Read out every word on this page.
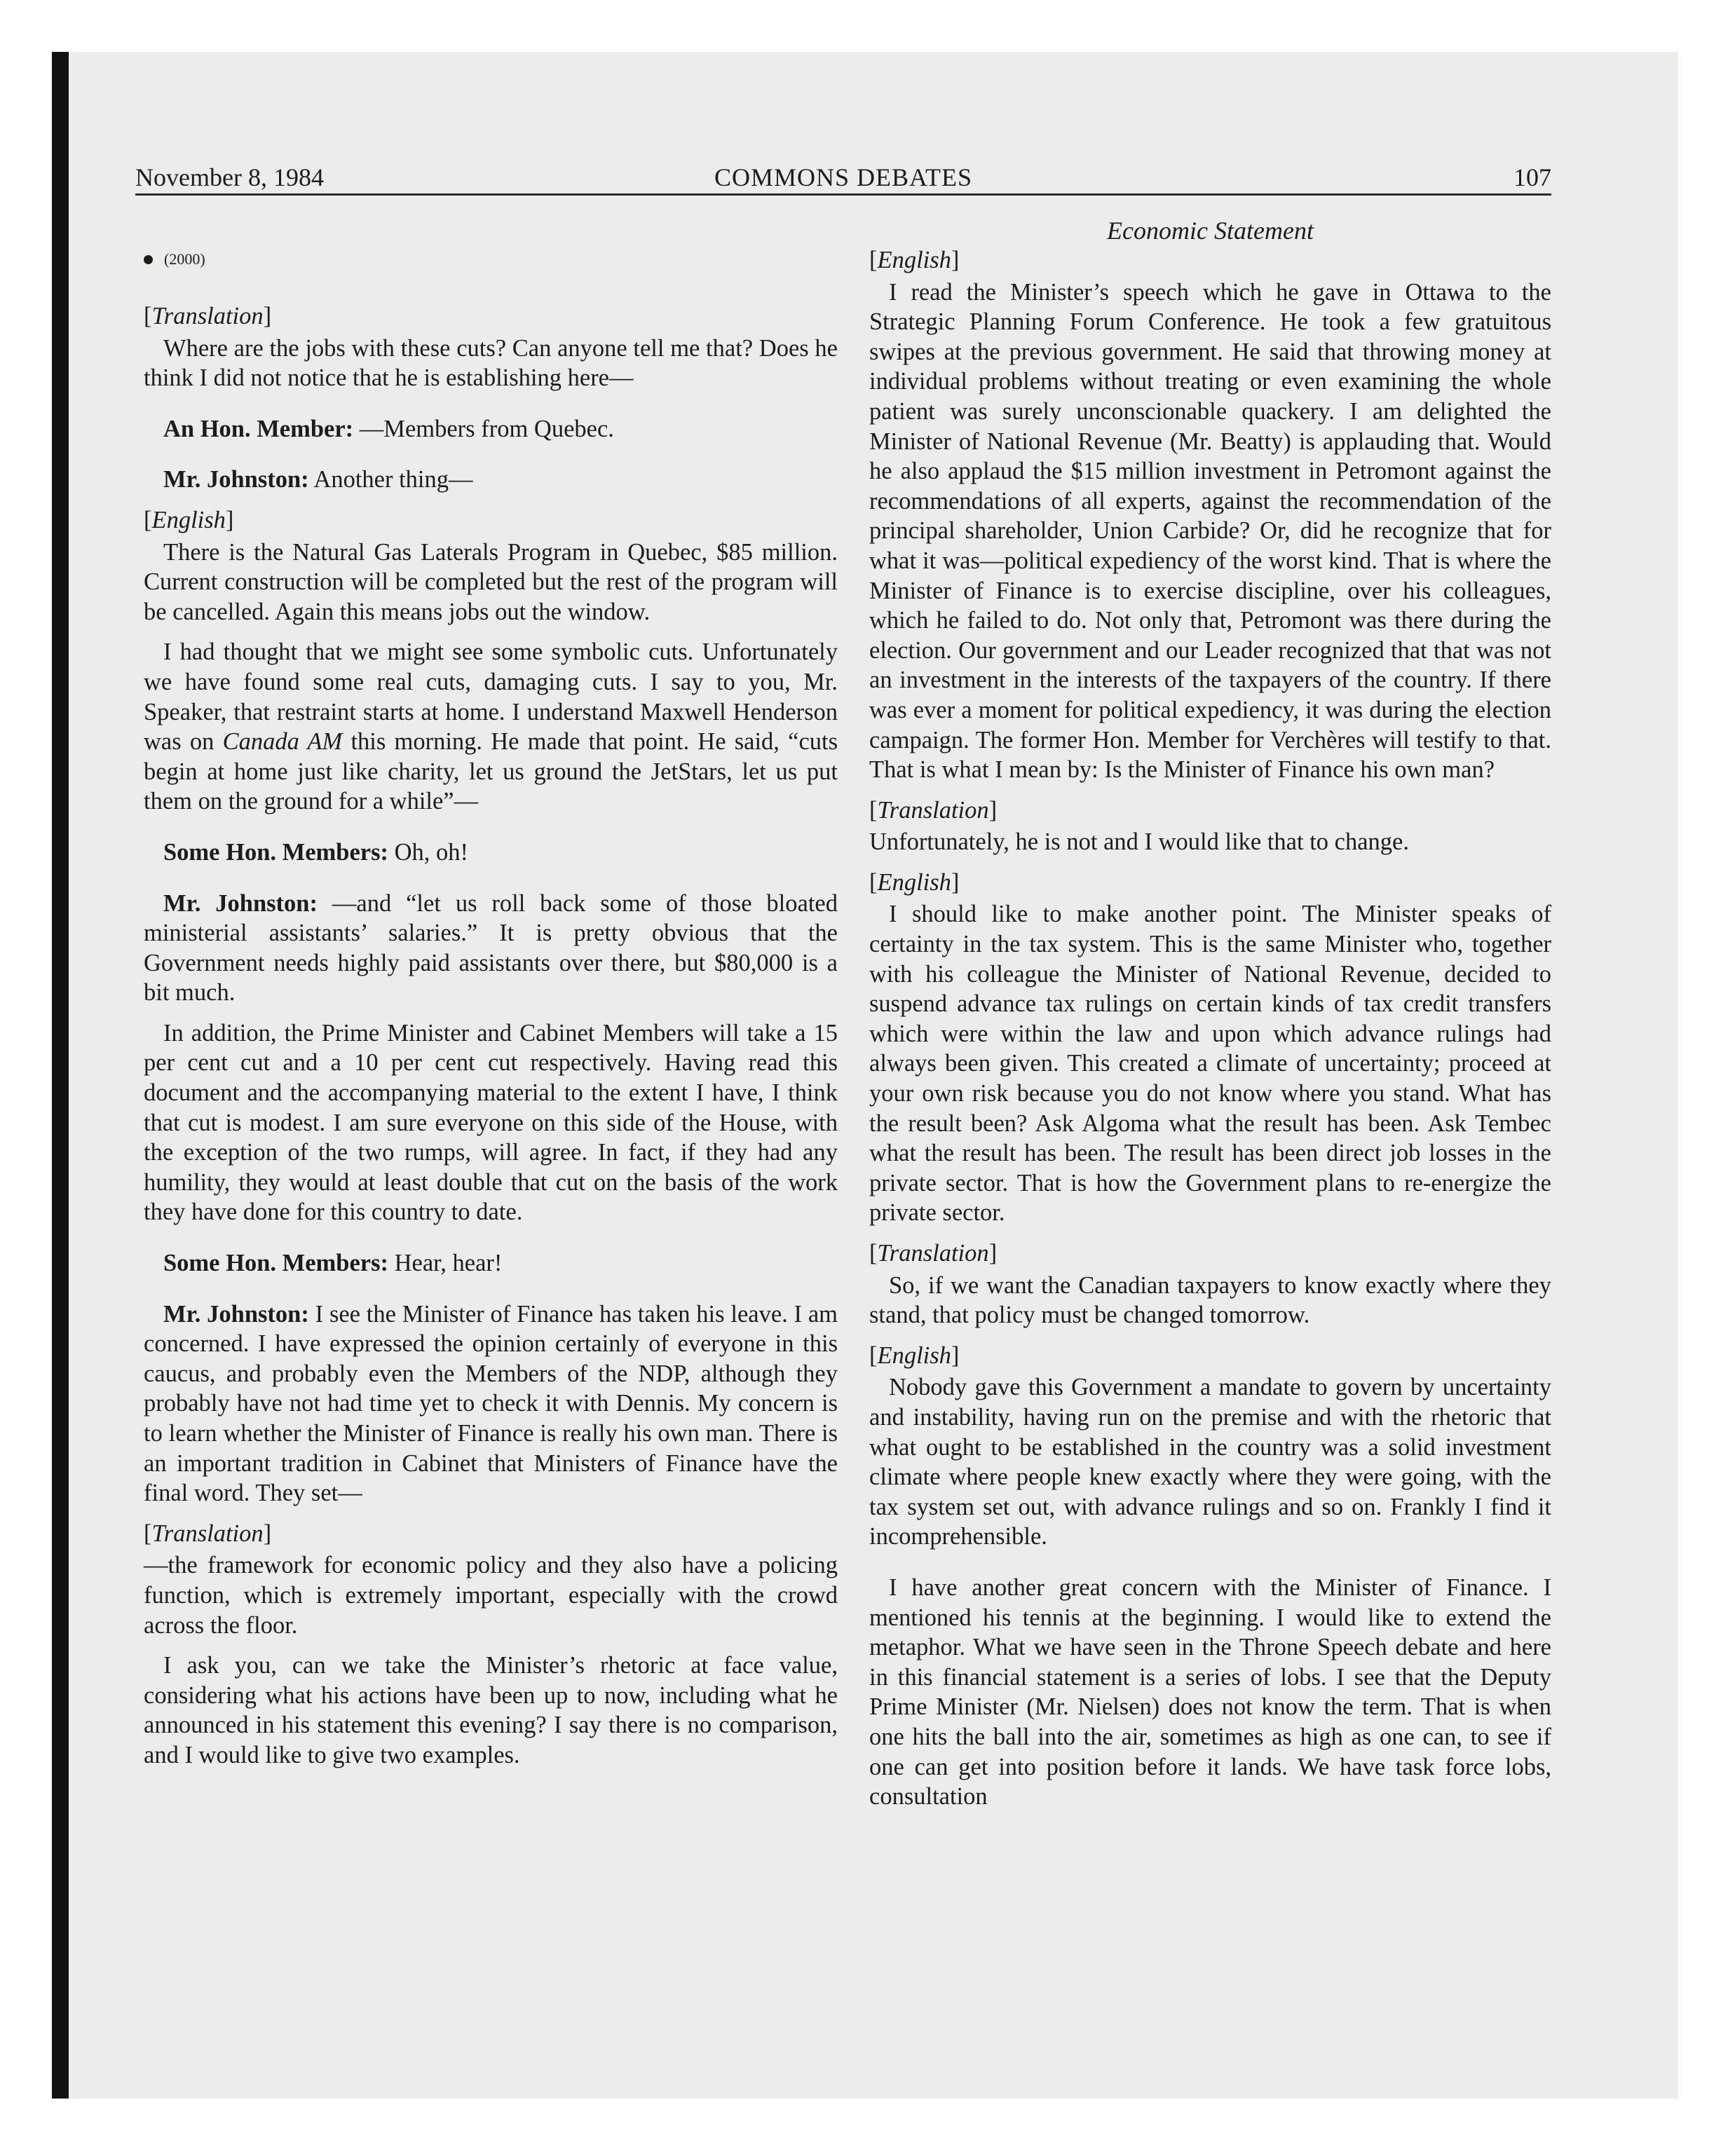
November 8, 1984	COMMONS DEBATES	107
Economic Statement
(2000)

[Translation]

Where are the jobs with these cuts? Can anyone tell me that? Does he think I did not notice that he is establishing here—

An Hon. Member: —Members from Quebec.

Mr. Johnston: Another thing—

[English]

There is the Natural Gas Laterals Program in Quebec, $85 million. Current construction will be completed but the rest of the program will be cancelled. Again this means jobs out the window.

I had thought that we might see some symbolic cuts. Unfortunately we have found some real cuts, damaging cuts. I say to you, Mr. Speaker, that restraint starts at home. I understand Maxwell Henderson was on Canada AM this morning. He made that point. He said, “cuts begin at home just like charity, let us ground the JetStars, let us put them on the ground for a while”—

Some Hon. Members: Oh, oh!

Mr. Johnston: —and “let us roll back some of those bloated ministerial assistants’ salaries.” It is pretty obvious that the Government needs highly paid assistants over there, but $80,000 is a bit much.

In addition, the Prime Minister and Cabinet Members will take a 15 per cent cut and a 10 per cent cut respectively. Having read this document and the accompanying material to the extent I have, I think that cut is modest. I am sure everyone on this side of the House, with the exception of the two rumps, will agree. In fact, if they had any humility, they would at least double that cut on the basis of the work they have done for this country to date.

Some Hon. Members: Hear, hear!

Mr. Johnston: I see the Minister of Finance has taken his leave. I am concerned. I have expressed the opinion certainly of everyone in this caucus, and probably even the Members of the NDP, although they probably have not had time yet to check it with Dennis. My concern is to learn whether the Minister of Finance is really his own man. There is an important tradition in Cabinet that Ministers of Finance have the final word. They set—

[Translation]

—the framework for economic policy and they also have a policing function, which is extremely important, especially with the crowd across the floor.

I ask you, can we take the Minister’s rhetoric at face value, considering what his actions have been up to now, including what he announced in his statement this evening? I say there is no comparison, and I would like to give two examples.

[English]

I read the Minister’s speech which he gave in Ottawa to the Strategic Planning Forum Conference. He took a few gratuitous swipes at the previous government. He said that throwing money at individual problems without treating or even examining the whole patient was surely unconscionable quackery. I am delighted the Minister of National Revenue (Mr. Beatty) is applauding that. Would he also applaud the $15 million investment in Petromont against the recommendations of all experts, against the recommendation of the principal shareholder, Union Carbide? Or, did he recognize that for what it was—political expediency of the worst kind. That is where the Minister of Finance is to exercise discipline, over his colleagues, which he failed to do. Not only that, Petromont was there during the election. Our government and our Leader recognized that that was not an investment in the interests of the taxpayers of the country. If there was ever a moment for political expediency, it was during the election campaign. The former Hon. Member for Verchères will testify to that. That is what I mean by: Is the Minister of Finance his own man?

[Translation]

Unfortunately, he is not and I would like that to change.

[English]

I should like to make another point. The Minister speaks of certainty in the tax system. This is the same Minister who, together with his colleague the Minister of National Revenue, decided to suspend advance tax rulings on certain kinds of tax credit transfers which were within the law and upon which advance rulings had always been given. This created a climate of uncertainty; proceed at your own risk because you do not know where you stand. What has the result been? Ask Algoma what the result has been. Ask Tembec what the result has been. The result has been direct job losses in the private sector. That is how the Government plans to re-energize the private sector.

[Translation]

So, if we want the Canadian taxpayers to know exactly where they stand, that policy must be changed tomorrow.

[English]

Nobody gave this Government a mandate to govern by uncertainty and instability, having run on the premise and with the rhetoric that what ought to be established in the country was a solid investment climate where people knew exactly where they were going, with the tax system set out, with advance rulings and so on. Frankly I find it incomprehensible.

I have another great concern with the Minister of Finance. I mentioned his tennis at the beginning. I would like to extend the metaphor. What we have seen in the Throne Speech debate and here in this financial statement is a series of lobs. I see that the Deputy Prime Minister (Mr. Nielsen) does not know the term. That is when one hits the ball into the air, sometimes as high as one can, to see if one can get into position before it lands. We have task force lobs, consultation
